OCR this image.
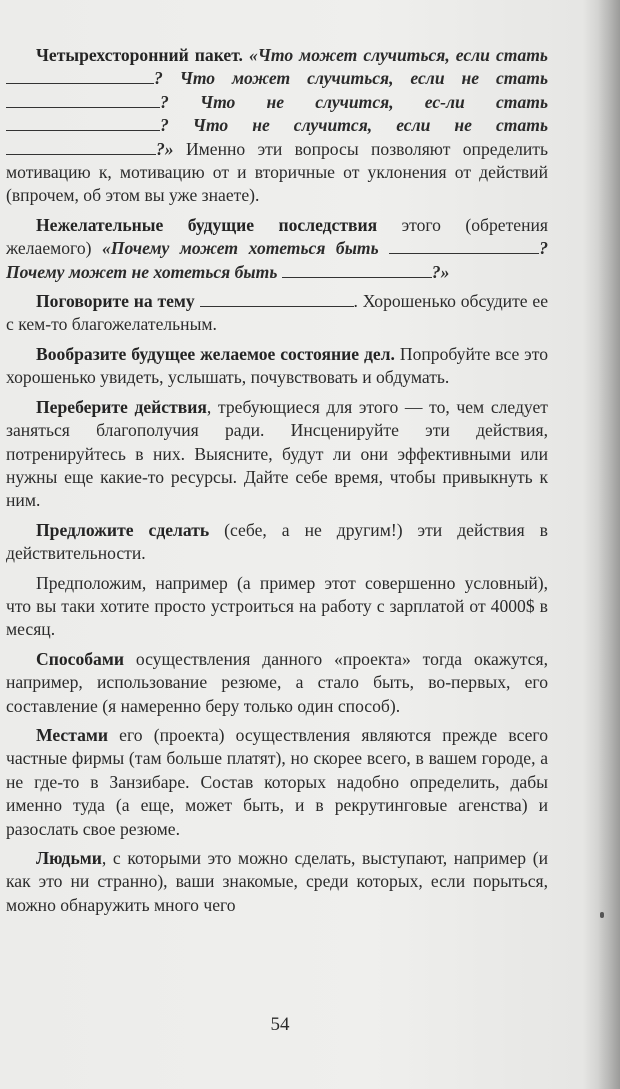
Четырехсторонний пакет. «Что может случиться, если стать ? Что может случиться, если не стать ? Что не случится, ес-ли стать ? Что не случится, если не стать ?» Именно эти вопросы позволяют определить мотивацию к, мотивацию от и вторичные от уклонения от действий (впрочем, об этом вы уже знаете).

Нежелательные будущие последствия этого (обретения желаемого) «Почему может хотеться быть	? Почему может не хотеться быть	?»

Поговорите на тему	. Хорошенько обсудите ее с кем-то благожелательным.

Вообразите будущее желаемое состояние дел. Попробуйте все это хорошенько увидеть, услышать, почувствовать и обдумать.

Переберите действия, требующиеся для этого — то, чем следует заняться благополучия ради. Инсценируйте эти действия, потренируйтесь в них. Выясните, будут ли они эффективными или нужны еще какие-то ресурсы. Дайте себе время, чтобы привыкнуть к ним.

Предложите сделать (себе, а не другим!) эти действия в действительности.

Предположим, например (а пример этот совершенно условный), что вы таки хотите просто устроиться на работу с зарплатой от 4000$ в месяц.

Способами осуществления данного «проекта» тогда окажутся, например, использование резюме, а стало быть, во-первых, его составление (я намеренно беру только один способ).

Местами его (проекта) осуществления являются прежде всего частные фирмы (там больше платят), но скорее всего, в вашем городе, а не где-то в Занзибаре. Состав которых надобно определить, дабы именно туда (а еще, может быть, и в рекрутинговые агенства) и разослать свое резюме.

Людьми, с которыми это можно сделать, выступают, например (и как это ни странно), ваши знакомые, среди которых, если порыться, можно обнаружить много чего

54
